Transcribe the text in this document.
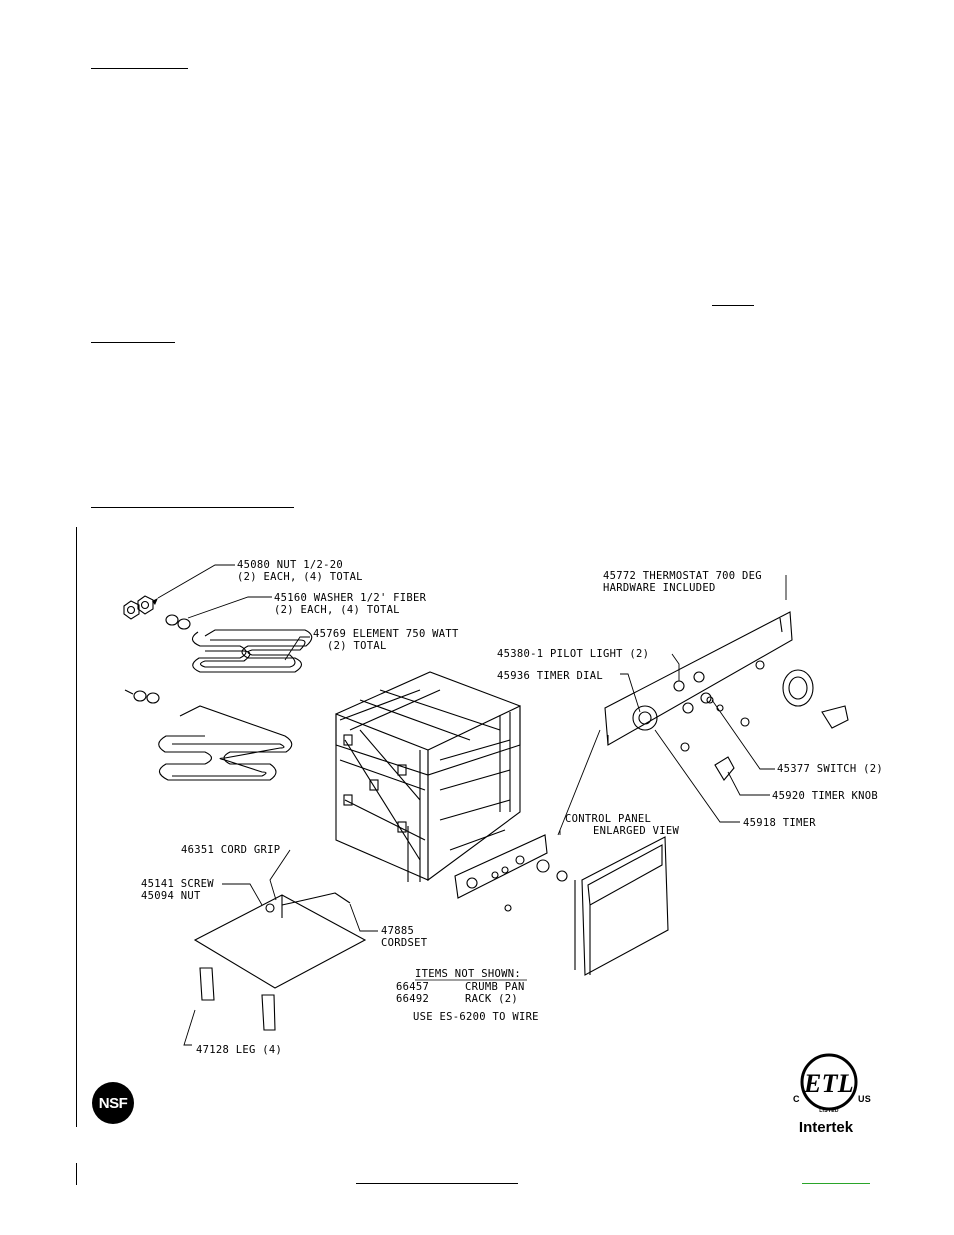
45080 NUT 1/2-20
(2) EACH, (4) TOTAL
45160 WASHER 1/2' FIBER
(2) EACH, (4) TOTAL
45769 ELEMENT 750 WATT
(2) TOTAL
45772 THERMOSTAT 700 DEG
HARDWARE INCLUDED
45380-1 PILOT LIGHT (2)
45936 TIMER DIAL
45377 SWITCH (2)
45920 TIMER KNOB
45918 TIMER
CONTROL PANEL
ENLARGED VIEW
46351 CORD GRIP
45141 SCREW
45094 NUT
47885
CORDSET
47128 LEG (4)
ITEMS NOT SHOWN:
66457	CRUMB PAN
66492	RACK (2)
USE ES-6200 TO WIRE
NSF
ETL
C	US
LISTED
Intertek
